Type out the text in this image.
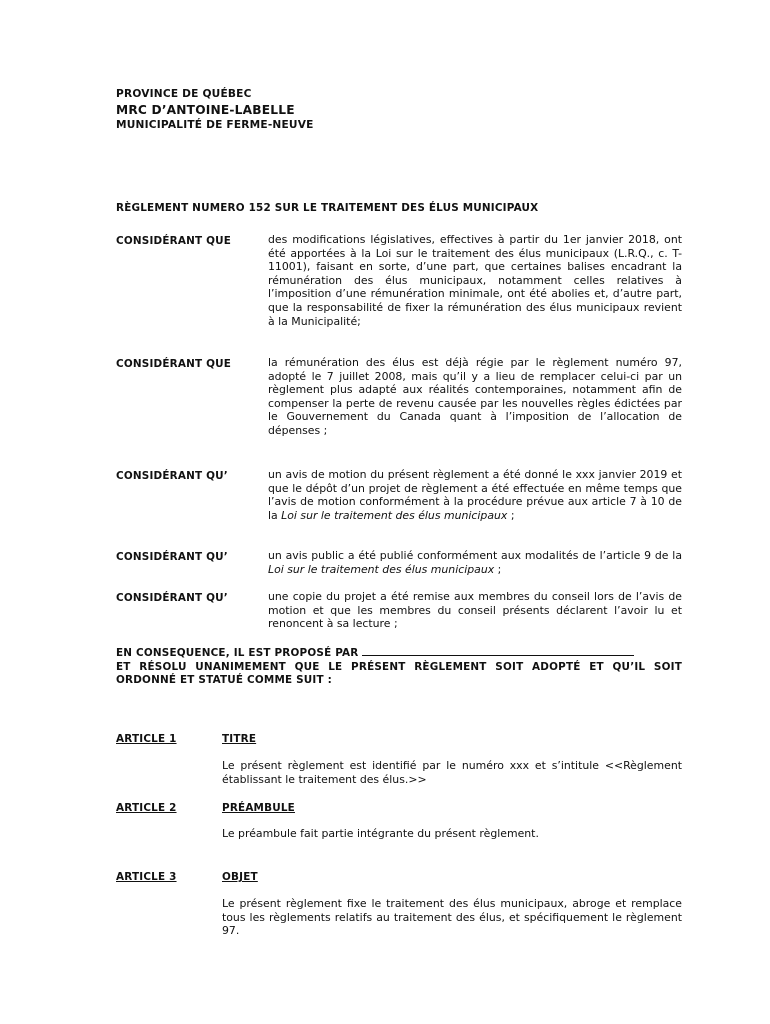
PROVINCE DE QUÉBEC
MRC D’ANTOINE-LABELLE
MUNICIPALITÉ DE FERME-NEUVE
RÈGLEMENT NUMERO 152 SUR LE TRAITEMENT DES ÉLUS MUNICIPAUX
CONSIDÉRANT QUE	des modifications législatives, effectives à partir du 1er janvier 2018, ont été apportées à la Loi sur le traitement des élus municipaux (L.R.Q., c. T-11001), faisant en sorte, d’une part, que certaines balises encadrant la rémunération des élus municipaux, notamment celles relatives à l’imposition d’une rémunération minimale, ont été abolies et, d’autre part, que la responsabilité de fixer la rémunération des élus municipaux revient à la Municipalité;

CONSIDÉRANT QUE	la rémunération des élus est déjà régie par le règlement numéro 97, adopté le 7 juillet 2008, mais qu’il y a lieu de remplacer celui-ci par un règlement plus adapté aux réalités contemporaines, notamment afin de compenser la perte de revenu causée par les nouvelles règles édictées par le Gouvernement du Canada quant à l’imposition de l’allocation de dépenses ;

CONSIDÉRANT QU’	un avis de motion du présent règlement a été donné le xxx janvier 2019 et que le dépôt d’un projet de règlement a été effectuée en même temps que l’avis de motion conformément à la procédure prévue aux article 7 à 10 de la Loi sur le traitement des élus municipaux ;

CONSIDÉRANT QU’	un avis public a été publié conformément aux modalités de l’article 9 de la Loi sur le traitement des élus municipaux ;

CONSIDÉRANT QU’	une copie du projet a été remise aux membres du conseil lors de l’avis de motion et que les membres du conseil présents déclarent l’avoir lu et renoncent à sa lecture ;

EN CONSEQUENCE, IL EST PROPOSÉ PAR
ET RÉSOLU UNANIMEMENT QUE LE PRÉSENT RÈGLEMENT SOIT ADOPTÉ ET QU’IL SOIT
ORDONNÉ ET STATUÉ COMME SUIT :
ARTICLE 1	TITRE

Le présent règlement est identifié par le numéro xxx et s’intitule <<Règlement établissant le traitement des élus.>>

ARTICLE 2	PRÉAMBULE

Le préambule fait partie intégrante du présent règlement.

ARTICLE 3	OBJET

Le présent règlement fixe le traitement des élus municipaux, abroge et remplace tous les règlements relatifs au traitement des élus, et spécifiquement le règlement 97.
